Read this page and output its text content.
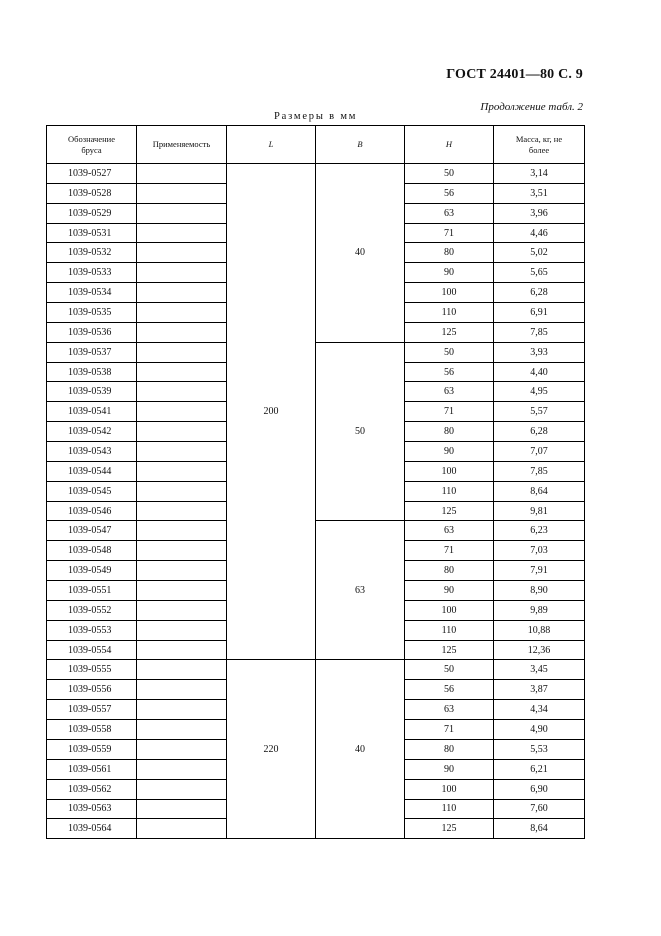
ГОСТ 24401—80 С. 9
Продолжение табл. 2
Размеры в мм
Обозначение бруса	Применяемость	L	B	H	Масса, кг, не более
1039-0527		200	40	50	3,14
1039-0528				56	3,51
1039-0529				63	3,96
1039-0531				71	4,46
1039-0532				80	5,02
1039-0533				90	5,65
1039-0534				100	6,28
1039-0535				110	6,91
1039-0536				125	7,85
1039-0537			50	50	3,93
1039-0538				56	4,40
1039-0539				63	4,95
1039-0541				71	5,57
1039-0542				80	6,28
1039-0543				90	7,07
1039-0544				100	7,85
1039-0545				110	8,64
1039-0546				125	9,81
1039-0547			63	63	6,23
1039-0548				71	7,03
1039-0549				80	7,91
1039-0551				90	8,90
1039-0552				100	9,89
1039-0553				110	10,88
1039-0554				125	12,36
1039-0555		220	40	50	3,45
1039-0556				56	3,87
1039-0557				63	4,34
1039-0558				71	4,90
1039-0559				80	5,53
1039-0561				90	6,21
1039-0562				100	6,90
1039-0563				110	7,60
1039-0564				125	8,64
